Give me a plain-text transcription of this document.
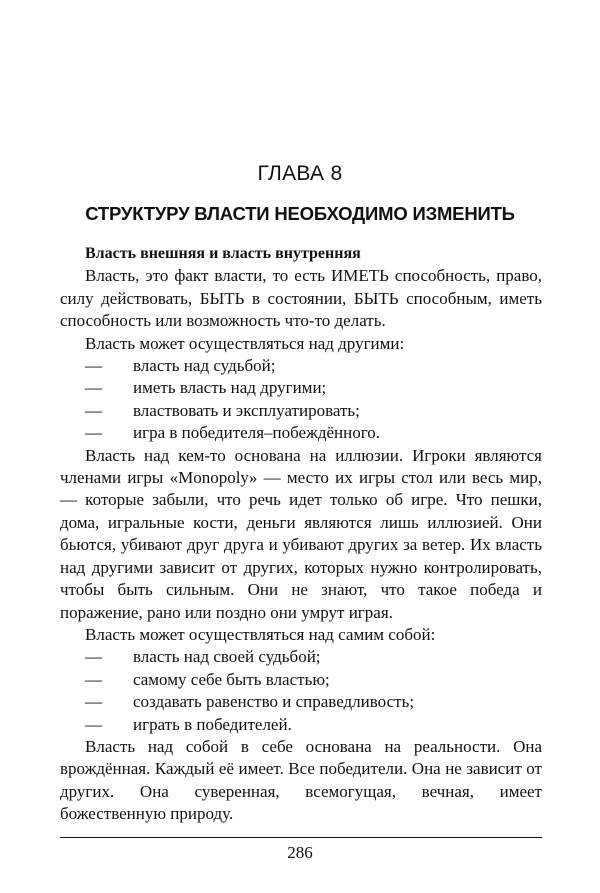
ГЛАВА 8
СТРУКТУРУ ВЛАСТИ НЕОБХОДИМО ИЗМЕНИТЬ

Власть внешняя и власть внутренняя

Власть, это факт власти, то есть ИМЕТЬ способность, право, силу действовать, БЫТЬ в состоянии, БЫТЬ способным, иметь способность или возможность что-то делать.

Власть может осуществляться над другими:

— власть над судьбой;
— иметь власть над другими;
— властвовать и эксплуатировать;
— игра в победителя–побеждённого.

Власть над кем-то основана на иллюзии. Игроки являются членами игры «Monopoly» — место их игры стол или весь мир, — которые забыли, что речь идет только об игре. Что пешки, дома, игральные кости, деньги являются лишь иллюзией. Они бьются, убивают друг друга и убивают других за ветер. Их власть над другими зависит от других, которых нужно контролировать, чтобы быть сильным. Они не знают, что такое победа и поражение, рано или поздно они умрут играя.

Власть может осуществляться над самим собой:

— власть над своей судьбой;
— самому себе быть властью;
— создавать равенство и справедливость;
— играть в победителей.

Власть над собой в себе основана на реальности. Она врождённая. Каждый её имеет. Все победители. Она не зависит от других. Она суверенная, всемогущая, вечная, имеет божественную природу.

286
